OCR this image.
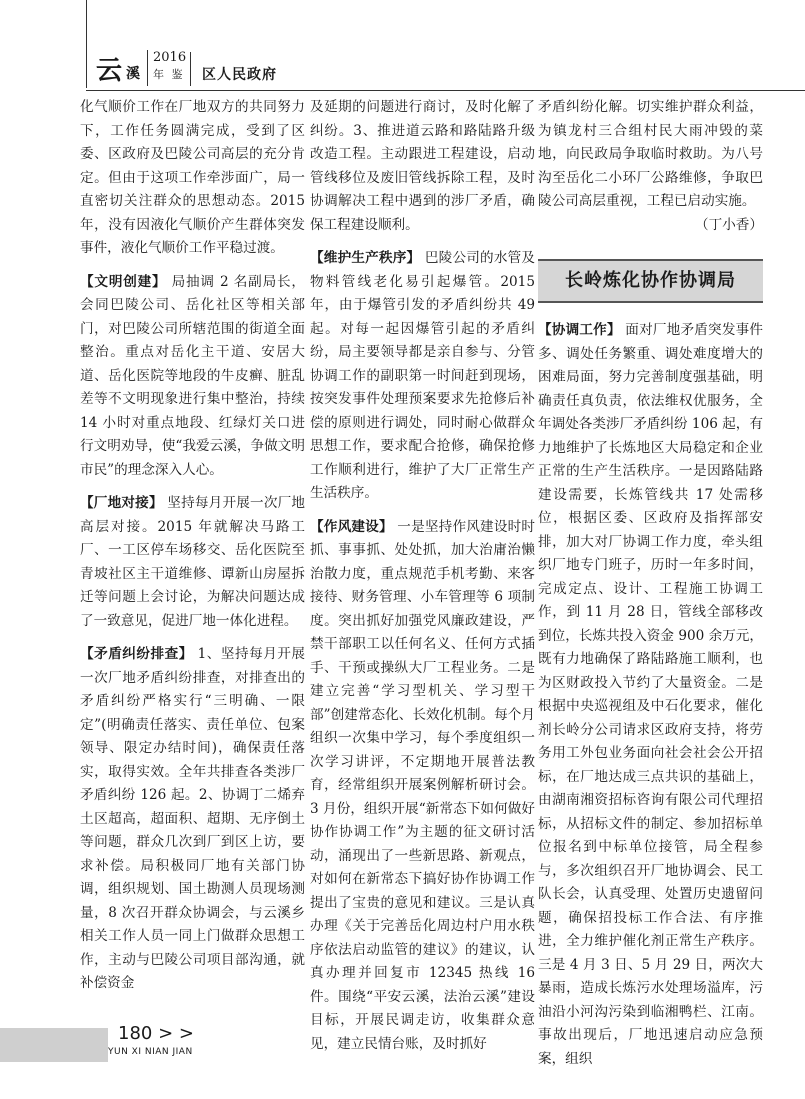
云 溪
2016
年 鉴 区人民政府

化气顺价工作在厂地双方的共同努力下，工作任务圆满完成，受到了区委、区政府及巴陵公司高层的充分肯定。但由于这项工作牵涉面广，局一直密切关注群众的思想动态。2015 年，没有因液化气顺价产生群体突发事件，液化气顺价工作平稳过渡。

【文明创建】 局抽调 2 名副局长，会同巴陵公司、岳化社区等相关部门，对巴陵公司所辖范围的街道全面整治。重点对岳化主干道、安居大道、岳化医院等地段的牛皮癣、脏乱差等不文明现象进行集中整治，持续 14 小时对重点地段、红绿灯关口进行文明劝导，使“我爱云溪，争做文明市民”的理念深入人心。

【厂地对接】 坚持每月开展一次厂地高层对接。2015 年就解决马路工厂、一工区停车场移交、岳化医院至青坡社区主干道维修、谭新山房屋拆迁等问题上会讨论，为解决问题达成了一致意见，促进厂地一体化进程。

【矛盾纠纷排查】 1、坚持每月开展一次厂地矛盾纠纷排查，对排查出的矛盾纠纷严格实行“三明确、一限定”(明确责任落实、责任单位、包案领导、限定办结时间)，确保责任落实，取得实效。全年共排查各类涉厂矛盾纠纷 126 起。2、协调丁二烯弃土区超高，超面积、超期、无序倒土等问题，群众几次到厂到区上访，要求补偿。局积极同厂地有关部门协调，组织规划、国土勘测人员现场测量，8 次召开群众协调会，与云溪乡相关工作人员一同上门做群众思想工作，主动与巴陵公司项目部沟通，就补偿资金

及延期的问题进行商讨，及时化解了纠纷。3、推进道云路和路陆路升级改造工程。主动跟进工程建设，启动管线移位及废旧管线拆除工程，及时协调解决工程中遇到的涉厂矛盾，确保工程建设顺利。

【维护生产秩序】 巴陵公司的水管及物料管线老化易引起爆管。2015 年，由于爆管引发的矛盾纠纷共 49 起。对每一起因爆管引起的矛盾纠纷，局主要领导都是亲自参与、分管协调工作的副职第一时间赶到现场，按突发事件处理预案要求先抢修后补偿的原则进行调处，同时耐心做群众思想工作，要求配合抢修，确保抢修工作顺利进行，维护了大厂正常生产生活秩序。

【作风建设】 一是坚持作风建设时时抓、事事抓、处处抓，加大治庸治懒治散力度，重点规范手机考勤、来客接待、财务管理、小车管理等 6 项制度。突出抓好加强党风廉政建设，严禁干部职工以任何名义、任何方式插手、干预或操纵大厂工程业务。二是建立完善“学习型机关、学习型干部”创建常态化、长效化机制。每个月组织一次集中学习，每个季度组织一次学习讲评，不定期地开展普法教育，经常组织开展案例解析研讨会。3 月份，组织开展“新常态下如何做好协作协调工作”为主题的征文研讨活动，涌现出了一些新思路、新观点，对如何在新常态下搞好协作协调工作提出了宝贵的意见和建议。三是认真办理《关于完善岳化周边村户用水秩序依法启动监管的建议》的建议，认真办理并回复市 12345 热线 16 件。围绕“平安云溪，法治云溪”建设目标，开展民调走访，收集群众意见，建立民情台账，及时抓好

矛盾纠纷化解。切实维护群众利益，为镇龙村三合组村民大雨冲毁的菜地，向民政局争取临时救助。为八号沟至岳化二小环厂公路维修，争取巴陵公司高层重视，工程已启动实施。
（丁小香）

长岭炼化协作协调局

【协调工作】 面对厂地矛盾突发事件多、调处任务繁重、调处难度增大的困难局面，努力完善制度强基础，明确责任真负责，依法维权优服务，全年调处各类涉厂矛盾纠纷 106 起，有力地维护了长炼地区大局稳定和企业正常的生产生活秩序。一是因路陆路建设需要，长炼管线共 17 处需移位，根据区委、区政府及指挥部安排，加大对厂协调工作力度，牵头组织厂地专门班子，历时一年多时间，完成定点、设计、工程施工协调工作，到 11 月 28 日，管线全部移改到位，长炼共投入资金 900 余万元，既有力地确保了路陆路施工顺利，也为区财政投入节约了大量资金。二是根据中央巡视组及中石化要求，催化剂长岭分公司请求区政府支持，将劳务用工外包业务面向社会社会公开招标，在厂地达成三点共识的基础上，由湖南湘资招标咨询有限公司代理招标，从招标文件的制定、参加招标单位报名到中标单位接管，局全程参与，多次组织召开厂地协调会、民工队长会，认真受理、处置历史遗留问题，确保招投标工作合法、有序推进，全力维护催化剂正常生产秩序。三是 4 月 3 日、5 月 29 日，两次大暴雨，造成长炼污水处理场溢库，污油沿小河沟污染到临湘鸭栏、江南。事故出现后，厂地迅速启动应急预案，组织

180 > >
YUN XI NIAN JIAN
